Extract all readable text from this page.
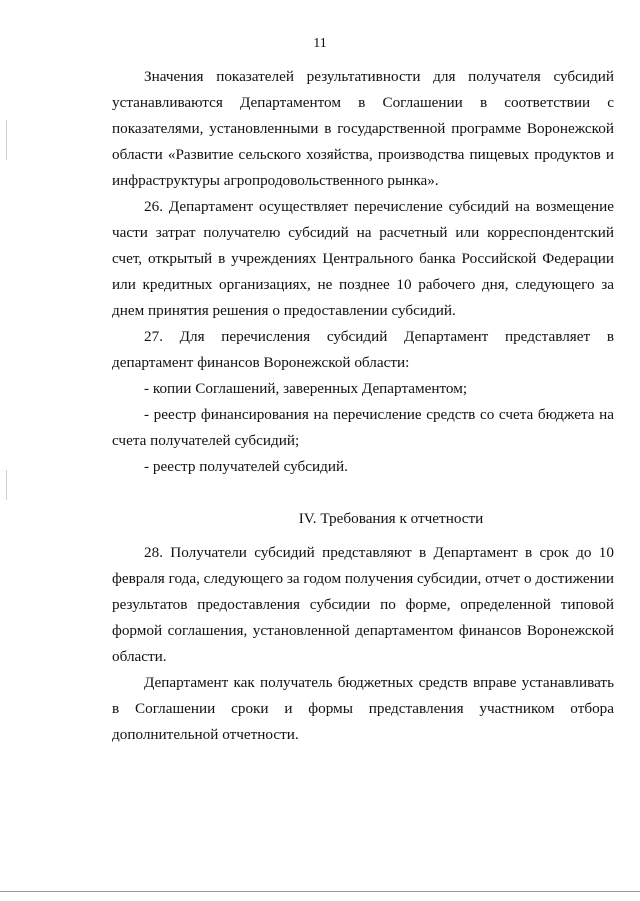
11

Значения показателей результативности для получателя субсидий устанавливаются Департаментом в Соглашении в соответствии с показателями, установленными в государственной программе Воронежской области «Развитие сельского хозяйства, производства пищевых продуктов и инфраструктуры агропродовольственного рынка».

26. Департамент осуществляет перечисление субсидий на возмещение части затрат получателю субсидий на расчетный или корреспондентский счет, открытый в учреждениях Центрального банка Российской Федерации или кредитных организациях, не позднее 10 рабочего дня, следующего за днем принятия решения о предоставлении субсидий.

27. Для перечисления субсидий Департамент представляет в департамент финансов Воронежской области:

- копии Соглашений, заверенных Департаментом;

- реестр финансирования на перечисление средств со счета бюджета на счета получателей субсидий;

- реестр получателей субсидий.

IV. Требования к отчетности

28. Получатели субсидий представляют в Департамент в срок до 10 февраля года, следующего за годом получения субсидии, отчет о достижении результатов предоставления субсидии по форме, определенной типовой формой соглашения, установленной департаментом финансов Воронежской области.

Департамент как получатель бюджетных средств вправе устанавливать в Соглашении сроки и формы представления участником отбора дополнительной отчетности.
